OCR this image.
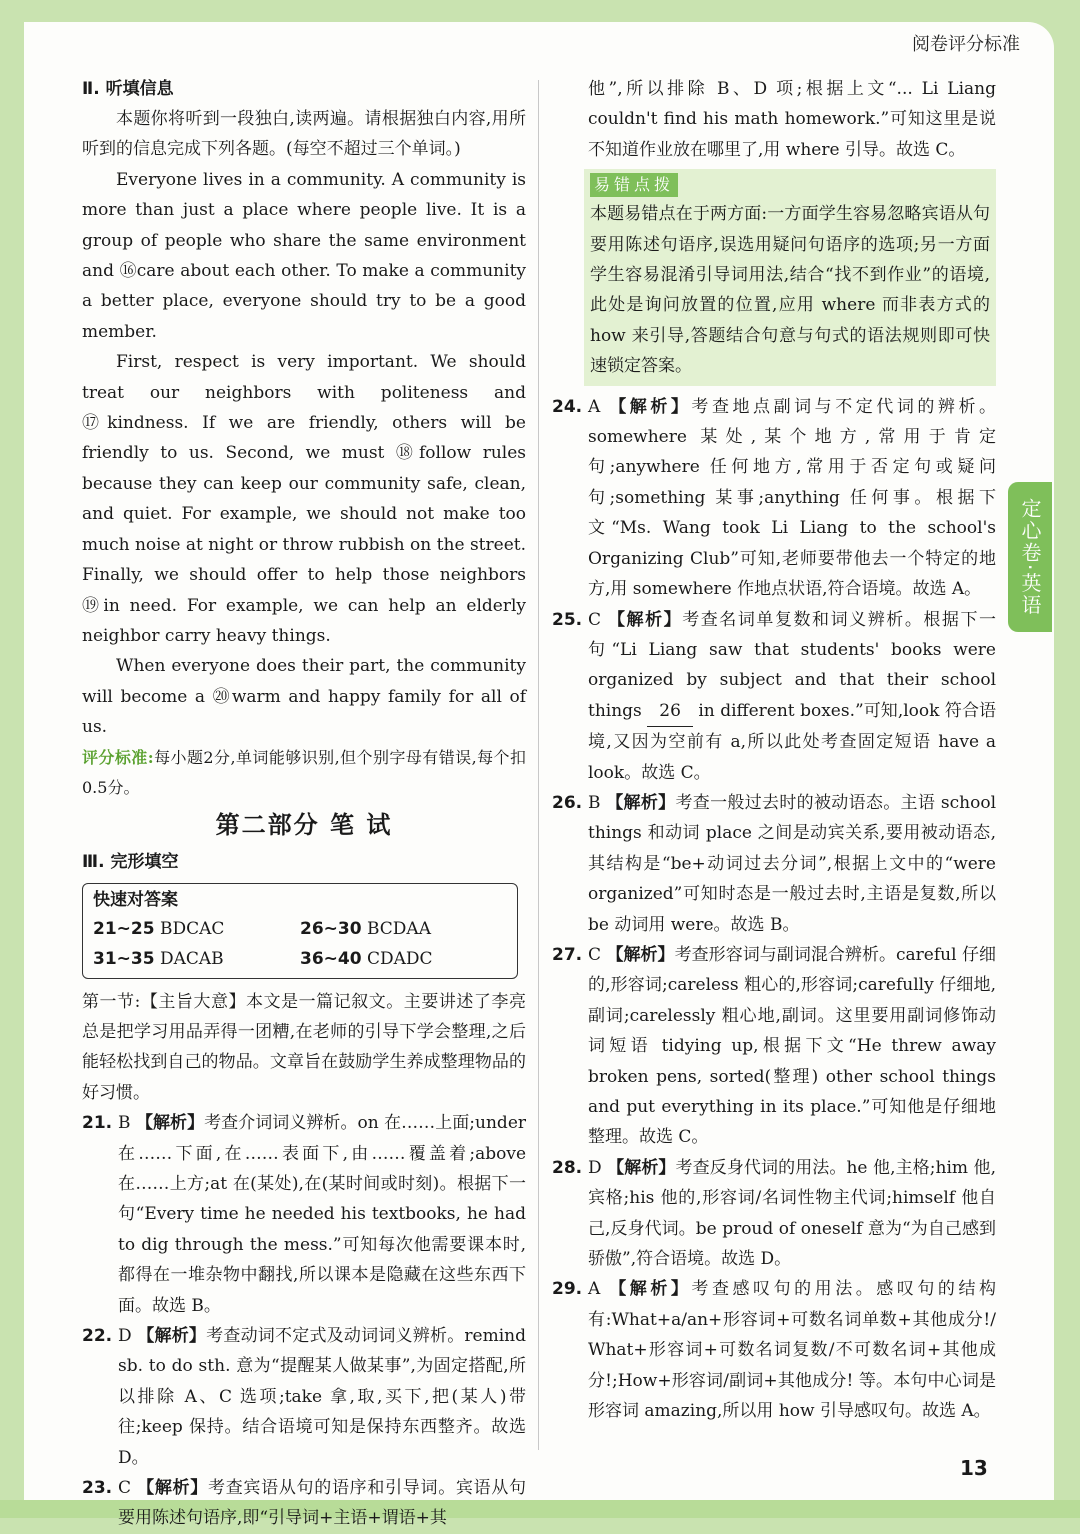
阅卷评分标准
定心卷·英语
Ⅱ. 听填信息

本题你将听到一段独白,读两遍。请根据独白内容,用所听到的信息完成下列各题。(每空不超过三个单词。)

Everyone lives in a community. A community is more than just a place where people live. It is a group of people who share the same environment and ⑯care about each other. To make a community a better place, everyone should try to be a good member.

First, respect is very important. We should treat our neighbors with politeness and ⑰kindness. If we are friendly, others will be friendly to us. Second, we must ⑱follow rules because they can keep our community safe, clean, and quiet. For example, we should not make too much noise at night or throw rubbish on the street. Finally, we should offer to help those neighbors ⑲in need. For example, we can help an elderly neighbor carry heavy things.

When everyone does their part, the community will become a ⑳warm and happy family for all of us.

评分标准:每小题2分,单词能够识别,但个别字母有错误,每个扣0.5分。

第二部分 笔 试
Ⅲ. 完形填空
快速对答案
21~25 BDCAC	26~30 BCDAA
31~35 DACAB	36~40 CDADC

第一节:【主旨大意】本文是一篇记叙文。主要讲述了李亮总是把学习用品弄得一团糟,在老师的引导下学会整理,之后能轻松找到自己的物品。文章旨在鼓励学生养成整理物品的好习惯。

21. B 【解析】考查介词词义辨析。on 在……上面;under 在……下面,在……表面下,由……覆盖着;above 在……上方;at 在(某处),在(某时间或时刻)。根据下一句“Every time he needed his textbooks, he had to dig through the mess.”可知每次他需要课本时,都得在一堆杂物中翻找,所以课本是隐藏在这些东西下面。故选 B。

22. D 【解析】考查动词不定式及动词词义辨析。remind sb. to do sth. 意为“提醒某人做某事”,为固定搭配,所以排除 A、C 选项;take 拿,取,买下,把(某人)带往;keep 保持。结合语境可知是保持东西整齐。故选 D。

23. C 【解析】考查宾语从句的语序和引导词。宾语从句要用陈述句语序,即“引导词+主语+谓语+其

他”,所以排除 B、D 项;根据上文“... Li Liang couldn't find his math homework.”可知这里是说不知道作业放在哪里了,用 where 引导。故选 C。

易错点拨

本题易错点在于两方面:一方面学生容易忽略宾语从句要用陈述句语序,误选用疑问句语序的选项;另一方面学生容易混淆引导词用法,结合“找不到作业”的语境,此处是询问放置的位置,应用 where 而非表方式的 how 来引导,答题结合句意与句式的语法规则即可快速锁定答案。

24. A 【解析】考查地点副词与不定代词的辨析。somewhere 某处,某个地方,常用于肯定句;anywhere 任何地方,常用于否定句或疑问句;something 某事;anything 任何事。根据下文“Ms. Wang took Li Liang to the school's Organizing Club”可知,老师要带他去一个特定的地方,用 somewhere 作地点状语,符合语境。故选 A。

25. C 【解析】考查名词单复数和词义辨析。根据下一句“Li Liang saw that students' books were organized by subject and that their school things 26 in different boxes.”可知,look 符合语境,又因为空前有 a,所以此处考查固定短语 have a look。故选 C。

26. B 【解析】考查一般过去时的被动语态。主语 school things 和动词 place 之间是动宾关系,要用被动语态,其结构是“be+动词过去分词”,根据上文中的“were organized”可知时态是一般过去时,主语是复数,所以 be 动词用 were。故选 B。

27. C 【解析】考查形容词与副词混合辨析。careful 仔细的,形容词;careless 粗心的,形容词;carefully 仔细地,副词;carelessly 粗心地,副词。这里要用副词修饰动词短语 tidying up,根据下文“He threw away broken pens, sorted(整理) other school things and put everything in its place.”可知他是仔细地整理。故选 C。

28. D 【解析】考查反身代词的用法。he 他,主格;him 他,宾格;his 他的,形容词/名词性物主代词;himself 他自己,反身代词。be proud of oneself 意为“为自己感到骄傲”,符合语境。故选 D。

29. A 【解析】考查感叹句的用法。感叹句的结构有:What+a/an+形容词+可数名词单数+其他成分!/ What+形容词+可数名词复数/不可数名词+其他成分!;How+形容词/副词+其他成分! 等。本句中心词是形容词 amazing,所以用 how 引导感叹句。故选 A。

13
